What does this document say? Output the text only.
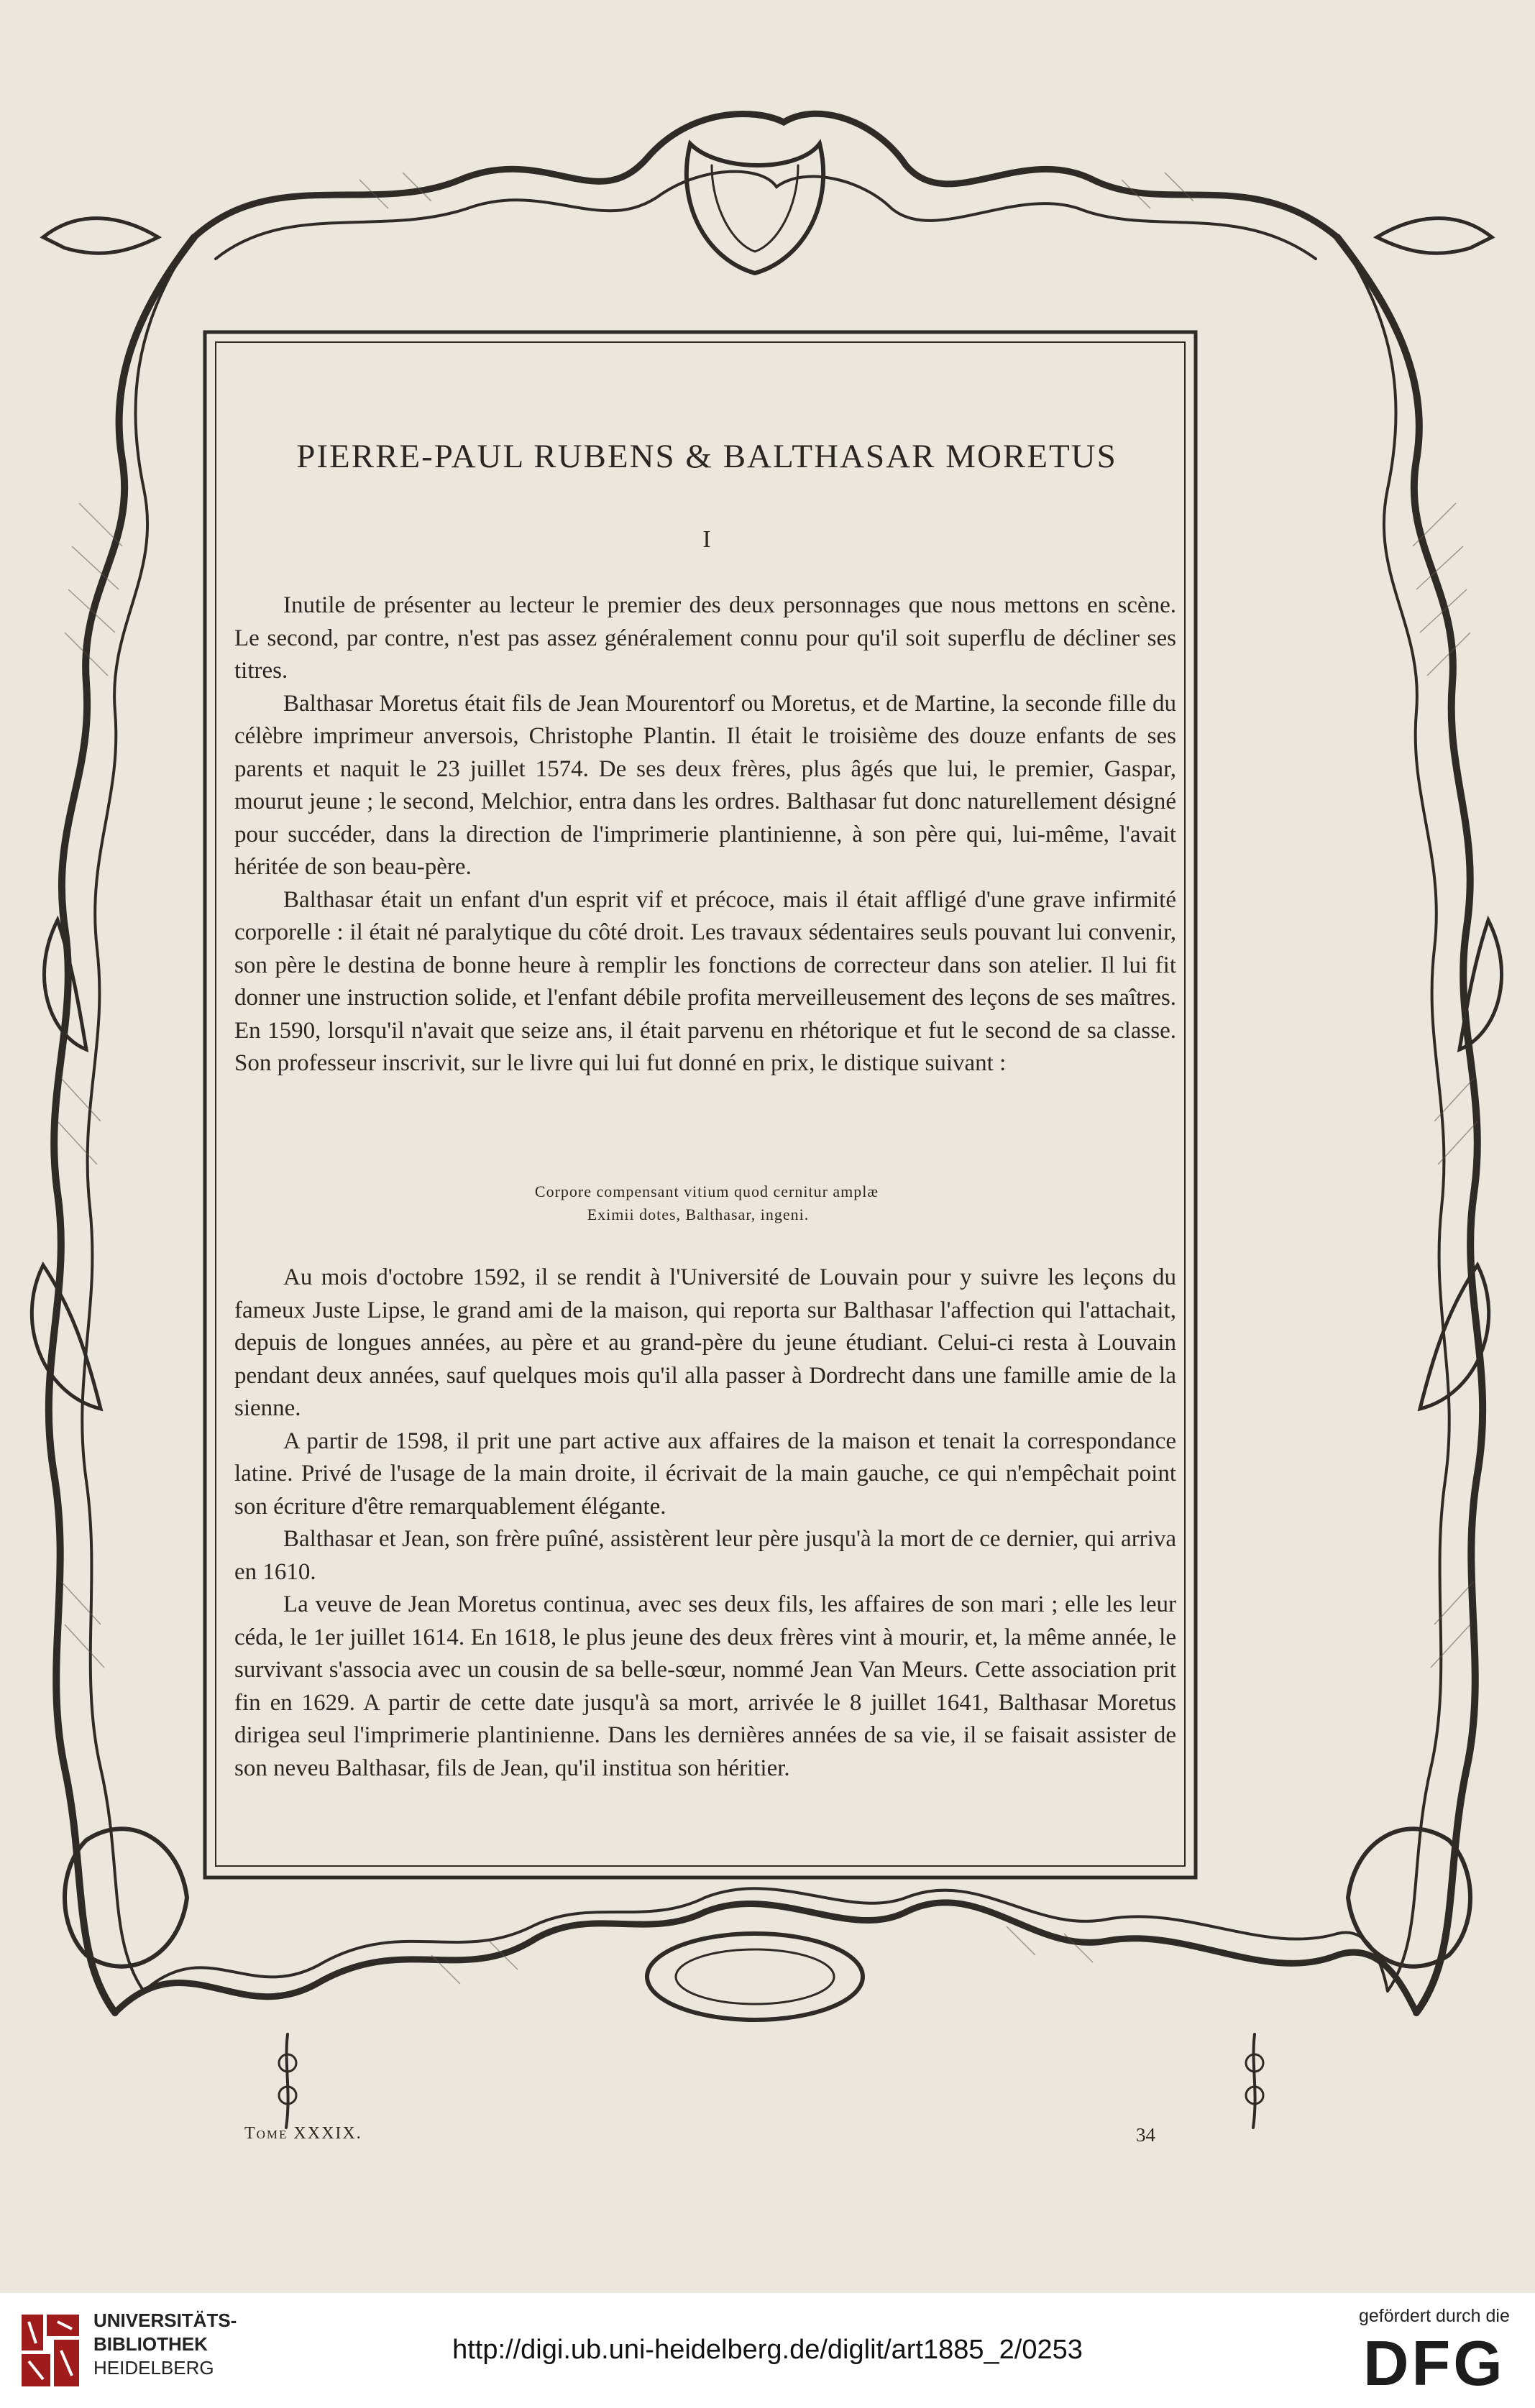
PIERRE-PAUL RUBENS & BALTHASAR MORETUS
I

Inutile de présenter au lecteur le premier des deux personnages que nous mettons en scène. Le second, par contre, n'est pas assez généralement connu pour qu'il soit superflu de décliner ses titres.

Balthasar Moretus était fils de Jean Mourentorf ou Moretus, et de Martine, la seconde fille du célèbre imprimeur anversois, Christophe Plantin. Il était le troisième des douze enfants de ses parents et naquit le 23 juillet 1574. De ses deux frères, plus âgés que lui, le premier, Gaspar, mourut jeune ; le second, Melchior, entra dans les ordres. Balthasar fut donc naturellement désigné pour succéder, dans la direction de l'imprimerie plantinienne, à son père qui, lui-même, l'avait héritée de son beau-père.

Balthasar était un enfant d'un esprit vif et précoce, mais il était affligé d'une grave infirmité corporelle : il était né paralytique du côté droit. Les travaux sédentaires seuls pouvant lui convenir, son père le destina de bonne heure à remplir les fonctions de correcteur dans son atelier. Il lui fit donner une instruction solide, et l'enfant débile profita merveilleusement des leçons de ses maîtres. En 1590, lorsqu'il n'avait que seize ans, il était parvenu en rhétorique et fut le second de sa classe. Son professeur inscrivit, sur le livre qui lui fut donné en prix, le distique suivant :

Corpore compensant vitium quod cernitur amplæ
Eximii dotes, Balthasar, ingeni.

Au mois d'octobre 1592, il se rendit à l'Université de Louvain pour y suivre les leçons du fameux Juste Lipse, le grand ami de la maison, qui reporta sur Balthasar l'affection qui l'attachait, depuis de longues années, au père et au grand-père du jeune étudiant. Celui-ci resta à Louvain pendant deux années, sauf quelques mois qu'il alla passer à Dordrecht dans une famille amie de la sienne.

A partir de 1598, il prit une part active aux affaires de la maison et tenait la correspondance latine. Privé de l'usage de la main droite, il écrivait de la main gauche, ce qui n'empêchait point son écriture d'être remarquablement élégante.

Balthasar et Jean, son frère puîné, assistèrent leur père jusqu'à la mort de ce dernier, qui arriva en 1610.

La veuve de Jean Moretus continua, avec ses deux fils, les affaires de son mari ; elle les leur céda, le 1er juillet 1614. En 1618, le plus jeune des deux frères vint à mourir, et, la même année, le survivant s'associa avec un cousin de sa belle-sœur, nommé Jean Van Meurs. Cette association prit fin en 1629. A partir de cette date jusqu'à sa mort, arrivée le 8 juillet 1641, Balthasar Moretus dirigea seul l'imprimerie plantinienne. Dans les dernières années de sa vie, il se faisait assister de son neveu Balthasar, fils de Jean, qu'il institua son héritier.

Tome XXXIX.	34
UNIVERSITÄTS-
BIBLIOTHEK
HEIDELBERG
http://digi.ub.uni-heidelberg.de/diglit/art1885_2/0253
gefördert durch die
DFG
